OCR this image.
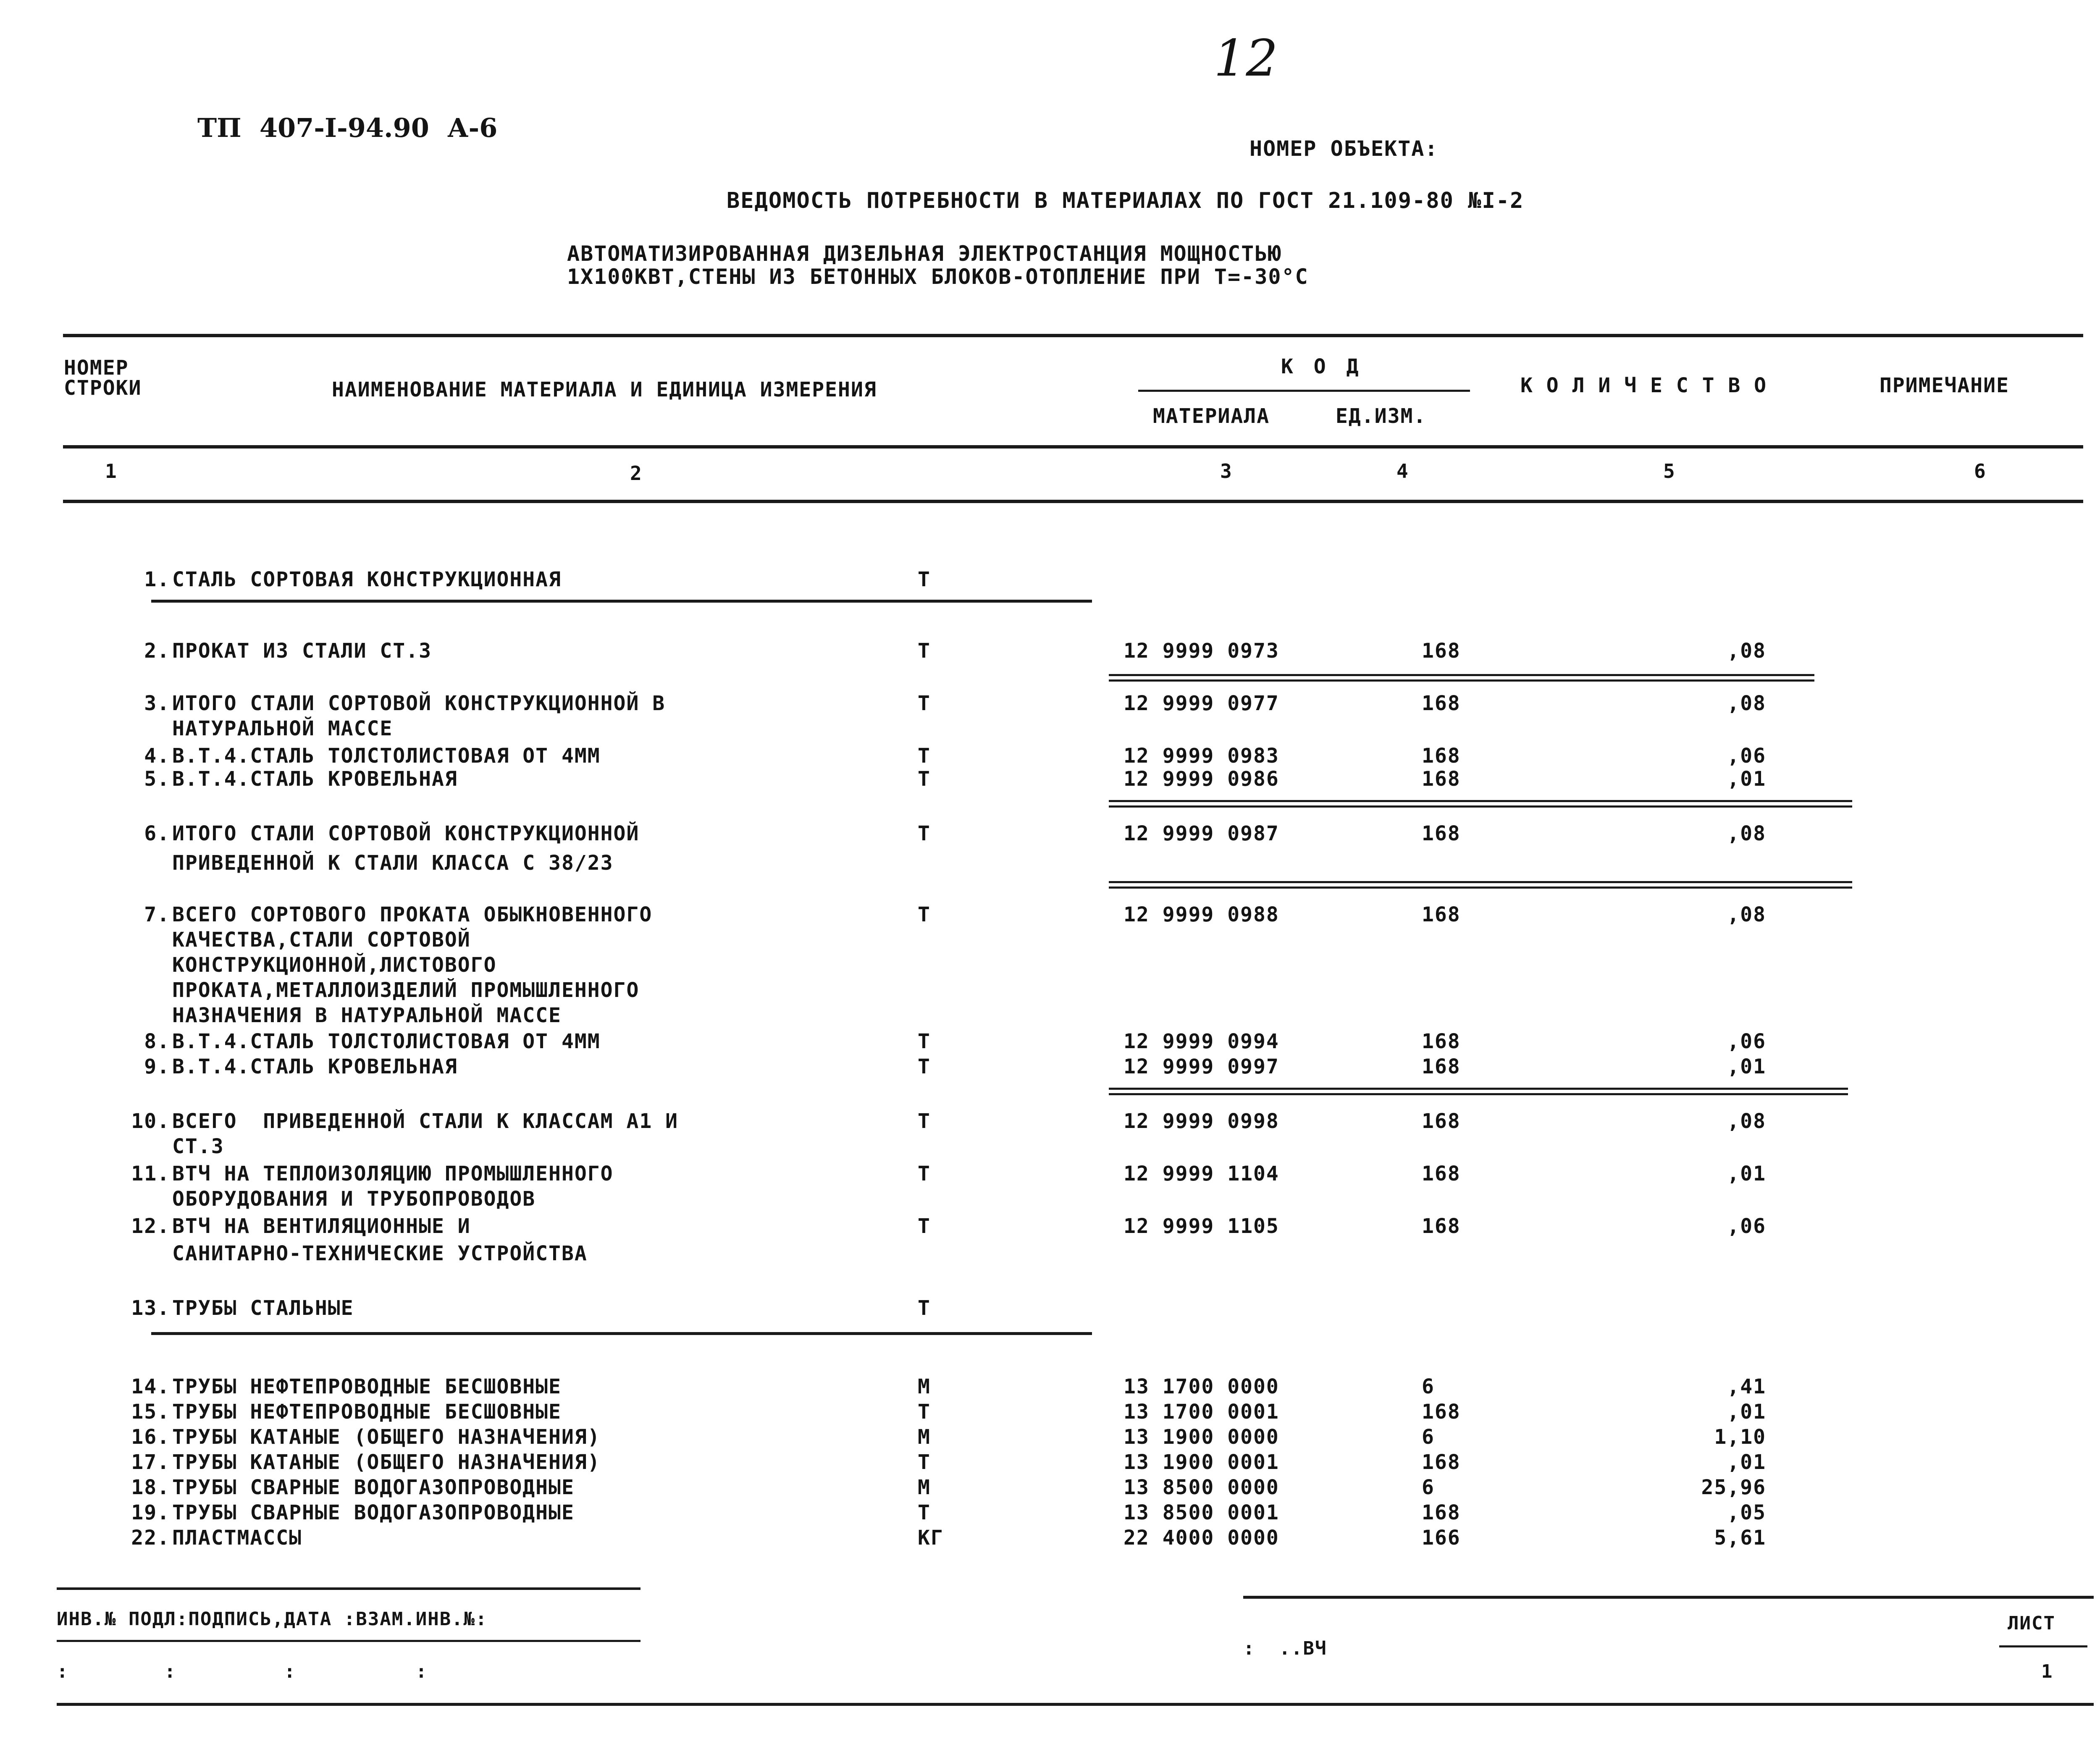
12
ТП  407-I-94.90  А-6
НОМЕР ОБЪЕКТА:
ВЕДОМОСТЬ ПОТРЕБНОСТИ В МАТЕРИАЛАХ ПО ГОСТ 21.109-80 №I-2
АВТОМАТИЗИРОВАННАЯ ДИЗЕЛЬНАЯ ЭЛЕКТРОСТАНЦИЯ МОЩНОСТЬЮ
1Х100КВТ,СТЕНЫ ИЗ БЕТОННЫХ БЛОКОВ-ОТОПЛЕНИЕ ПРИ Т=-30°С
НОМЕР
СТРОКИ	НАИМЕНОВАНИЕ МАТЕРИАЛА И ЕДИНИЦА ИЗМЕРЕНИЯ
К О Д
МАТЕРИАЛА	ЕД.ИЗМ.
К О Л И Ч Е С Т В О	ПРИМЕЧАНИЕ
1	2	3	4	5	6
1. СТАЛЬ СОРТОВАЯ КОНСТРУКЦИОННАЯ	Т
2. ПРОКАТ ИЗ СТАЛИ СТ.3	Т	12 9999 0973	168	,08
3. ИТОГО СТАЛИ СОРТОВОЙ КОНСТРУКЦИОННОЙ В	Т	12 9999 0977	168	,08
НАТУРАЛЬНОЙ МАССЕ
4. В.Т.4.СТАЛЬ ТОЛСТОЛИСТОВАЯ ОТ 4ММ	Т	12 9999 0983	168	,06
5. В.Т.4.СТАЛЬ КРОВЕЛЬНАЯ	Т	12 9999 0986	168	,01
6. ИТОГО СТАЛИ СОРТОВОЙ КОНСТРУКЦИОННОЙ	Т	12 9999 0987	168	,08
ПРИВЕДЕННОЙ К СТАЛИ КЛАССА С 38/23
7. ВСЕГО СОРТОВОГО ПРОКАТА ОБЫКНОВЕННОГО	Т	12 9999 0988	168	,08
КАЧЕСТВА,СТАЛИ СОРТОВОЙ
КОНСТРУКЦИОННОЙ,ЛИСТОВОГО
ПРОКАТА,МЕТАЛЛОИЗДЕЛИЙ ПРОМЫШЛЕННОГО
НАЗНАЧЕНИЯ В НАТУРАЛЬНОЙ МАССЕ
8. В.Т.4.СТАЛЬ ТОЛСТОЛИСТОВАЯ ОТ 4ММ	Т	12 9999 0994	168	,06
9. В.Т.4.СТАЛЬ КРОВЕЛЬНАЯ	Т	12 9999 0997	168	,01
10. ВСЕГО  ПРИВЕДЕННОЙ СТАЛИ К КЛАССАМ А1 И	Т	12 9999 0998	168	,08
СТ.3
11. ВТЧ НА ТЕПЛОИЗОЛЯЦИЮ ПРОМЫШЛЕННОГО	Т	12 9999 1104	168	,01
ОБОРУДОВАНИЯ И ТРУБОПРОВОДОВ
12. ВТЧ НА ВЕНТИЛЯЦИОННЫЕ И	Т	12 9999 1105	168	,06
САНИТАРНО-ТЕХНИЧЕСКИЕ УСТРОЙСТВА
13. ТРУБЫ СТАЛЬНЫЕ	Т
14. ТРУБЫ НЕФТЕПРОВОДНЫЕ БЕСШОВНЫЕ	М	13 1700 0000	6	,41
15. ТРУБЫ НЕФТЕПРОВОДНЫЕ БЕСШОВНЫЕ	Т	13 1700 0001	168	,01
16. ТРУБЫ КАТАНЫЕ (ОБЩЕГО НАЗНАЧЕНИЯ)	М	13 1900 0000	6	1,10
17. ТРУБЫ КАТАНЫЕ (ОБЩЕГО НАЗНАЧЕНИЯ)	Т	13 1900 0001	168	,01
18. ТРУБЫ СВАРНЫЕ ВОДОГАЗОПРОВОДНЫЕ	М	13 8500 0000	6	25,96
19. ТРУБЫ СВАРНЫЕ ВОДОГАЗОПРОВОДНЫЕ	Т	13 8500 0001	168	,05
22. ПЛАСТМАССЫ	КГ	22 4000 0000	166	5,61
ИНВ.№ ПОДЛ:ПОДПИСЬ,ДАТА :ВЗАМ.ИНВ.№:
:        :         :          :
:  ..ВЧ
ЛИСТ
1
